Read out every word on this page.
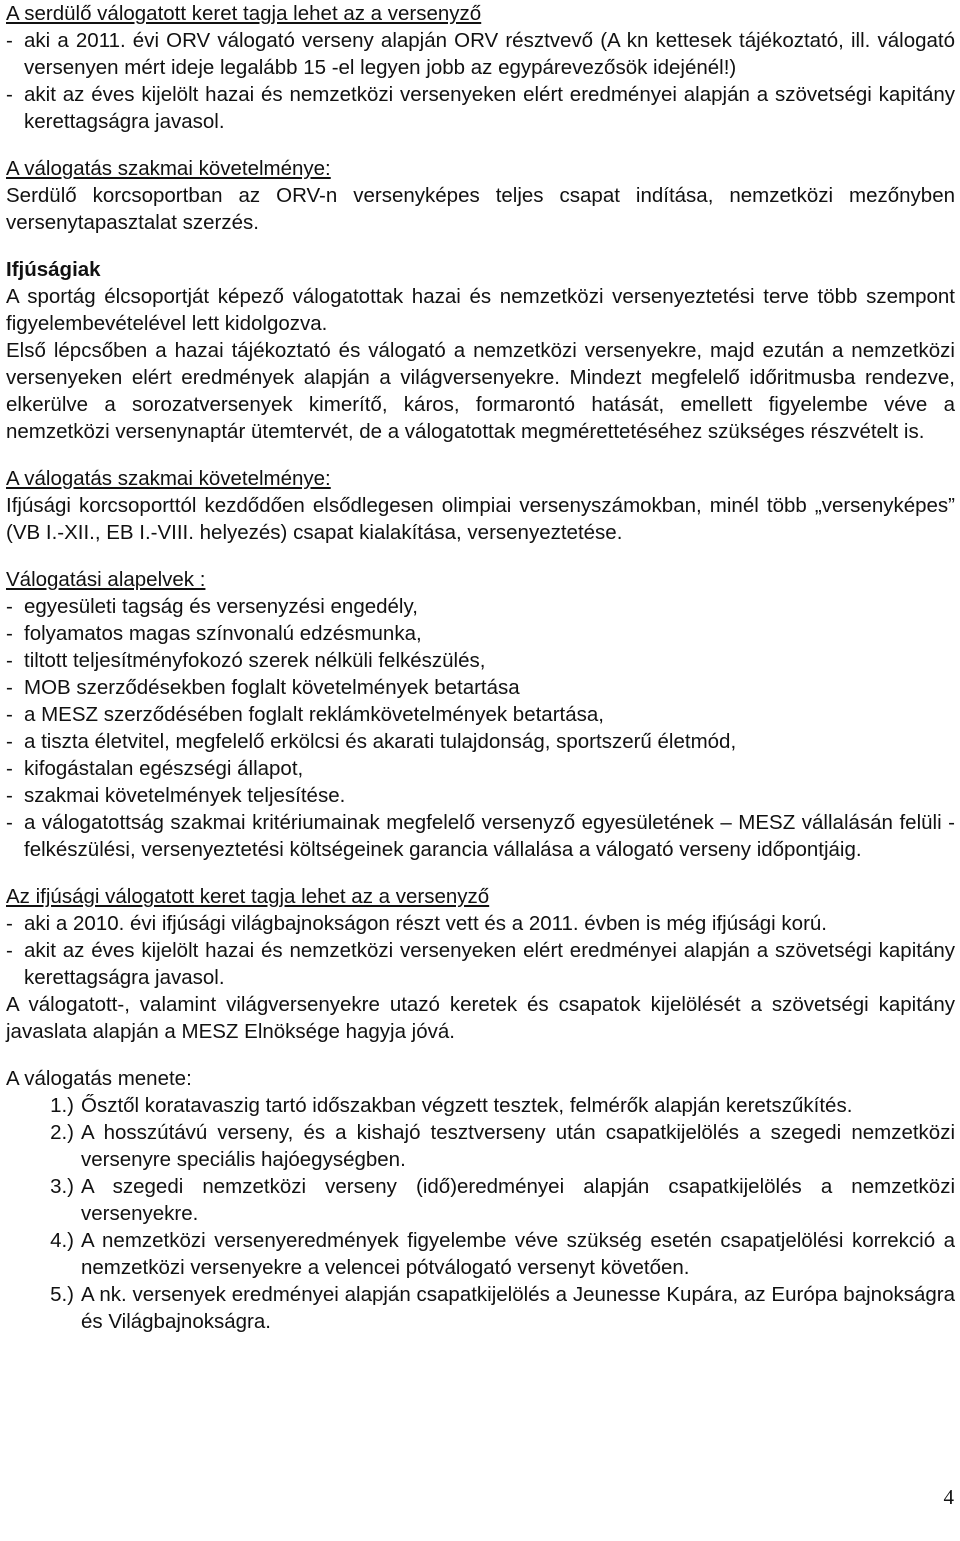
A serdülő válogatott keret tagja lehet az a versenyző

- aki a 2011. évi ORV válogató verseny alapján ORV résztvevő (A kn kettesek tájékoztató, ill. válogató versenyen mért ideje legalább 15 -el legyen jobb az egypárevezősök idejénél!)
- akit az éves kijelölt hazai és nemzetközi versenyeken elért eredményei alapján a szövetségi kapitány kerettagságra javasol.

A válogatás szakmai követelménye:

Serdülő korcsoportban az ORV-n versenyképes teljes csapat indítása, nemzetközi mezőnyben versenytapasztalat szerzés.

Ifjúságiak

A sportág élcsoportját képező válogatottak hazai és nemzetközi versenyeztetési terve több szempont figyelembevételével lett kidolgozva.

Első lépcsőben a hazai tájékoztató és válogató a nemzetközi versenyekre, majd ezután a nemzetközi versenyeken elért eredmények alapján a világversenyekre. Mindezt megfelelő időritmusba rendezve, elkerülve a sorozatversenyek kimerítő, káros, formarontó hatását, emellett figyelembe véve a nemzetközi versenynaptár ütemtervét, de a válogatottak megmérettetéséhez szükséges részvételt is.

A válogatás szakmai követelménye:

Ifjúsági korcsoporttól kezdődően elsődlegesen olimpiai versenyszámokban, minél több „versenyképes” (VB I.-XII., EB I.-VIII. helyezés) csapat kialakítása, versenyeztetése.

Válogatási alapelvek :

- egyesületi tagság és versenyzési engedély,
- folyamatos magas színvonalú edzésmunka,
- tiltott teljesítményfokozó szerek nélküli felkészülés,
- MOB szerződésekben foglalt követelmények betartása
- a MESZ szerződésében foglalt reklámkövetelmények betartása,
- a tiszta életvitel, megfelelő erkölcsi és akarati tulajdonság, sportszerű életmód,
- kifogástalan egészségi állapot,
- szakmai követelmények teljesítése.
- a válogatottság szakmai kritériumainak megfelelő versenyző egyesületének – MESZ vállalásán felüli - felkészülési, versenyeztetési költségeinek garancia vállalása a válogató verseny időpontjáig.

Az ifjúsági válogatott keret tagja lehet az a versenyző

- aki a 2010. évi ifjúsági világbajnokságon részt vett és a 2011. évben is még ifjúsági korú.
- akit az éves kijelölt hazai és nemzetközi versenyeken elért eredményei alapján a szövetségi kapitány kerettagságra javasol.

A válogatott-, valamint világversenyekre utazó keretek és csapatok kijelölését a szövetségi kapitány javaslata alapján a MESZ Elnöksége hagyja jóvá.

A válogatás menete:

1.) Ősztől koratavaszig tartó időszakban végzett tesztek, felmérők alapján keretszűkítés.
2.) A hosszútávú verseny, és a kishajó tesztverseny után csapatkijelölés a szegedi nemzetközi versenyre speciális hajóegységben.
3.) A szegedi nemzetközi verseny (idő)eredményei alapján csapatkijelölés a nemzetközi versenyekre.
4.) A nemzetközi versenyeredmények figyelembe véve szükség esetén csapatjelölési korrekció a nemzetközi versenyekre a velencei pótválogató versenyt követően.
5.) A nk. versenyek eredményei alapján csapatkijelölés a Jeunesse Kupára, az Európa bajnokságra és Világbajnokságra.
4
